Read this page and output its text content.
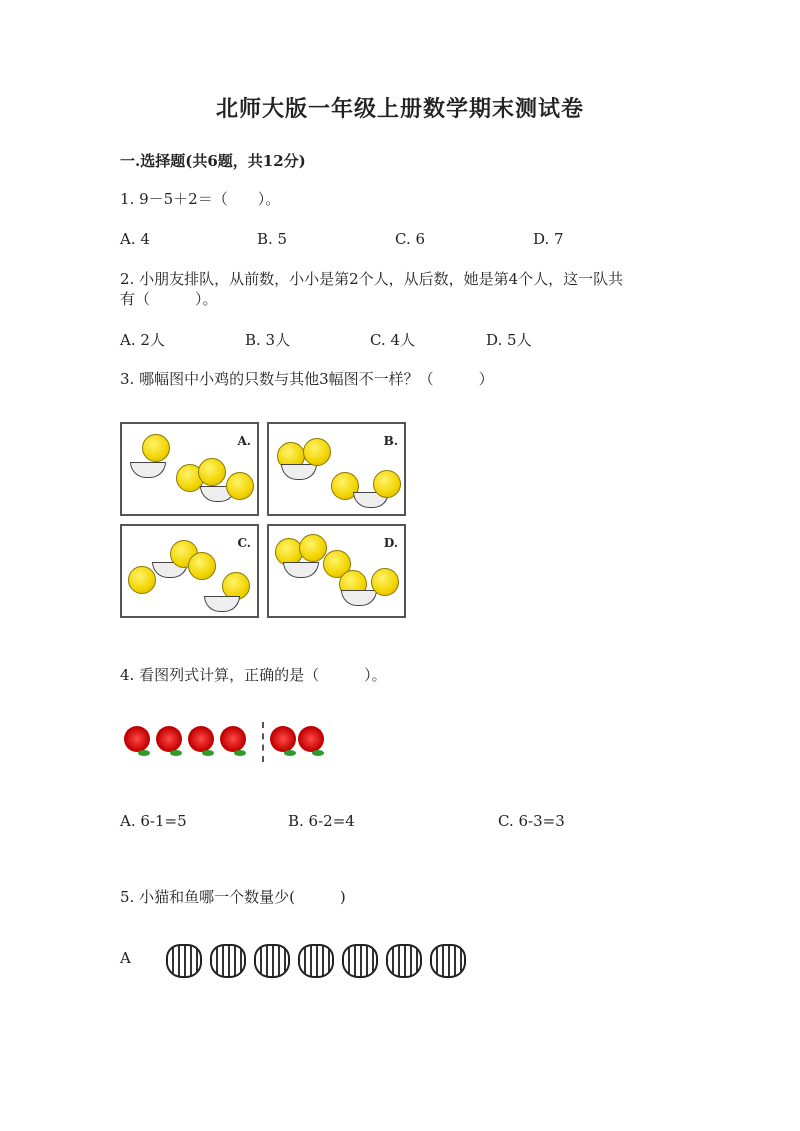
北师大版一年级上册数学期末测试卷
一.选择题(共6题，共12分)
1. 9－5＋2＝（　　）。
A. 4	B. 5	C. 6	D. 7
2. 小朋友排队，从前数，小小是第2个人，从后数，她是第4个人，这一队共
有（　　　）。
A. 2人	B. 3人	C. 4人	D. 5人
3. 哪幅图中小鸡的只数与其他3幅图不一样？（　　　）
A.	B.
C.	D.
4. 看图列式计算，正确的是（　　　）。
A. 6-1=5	B. 6-2=4	C. 6-3=3
5. 小猫和鱼哪一个数量少(　　　)
A
